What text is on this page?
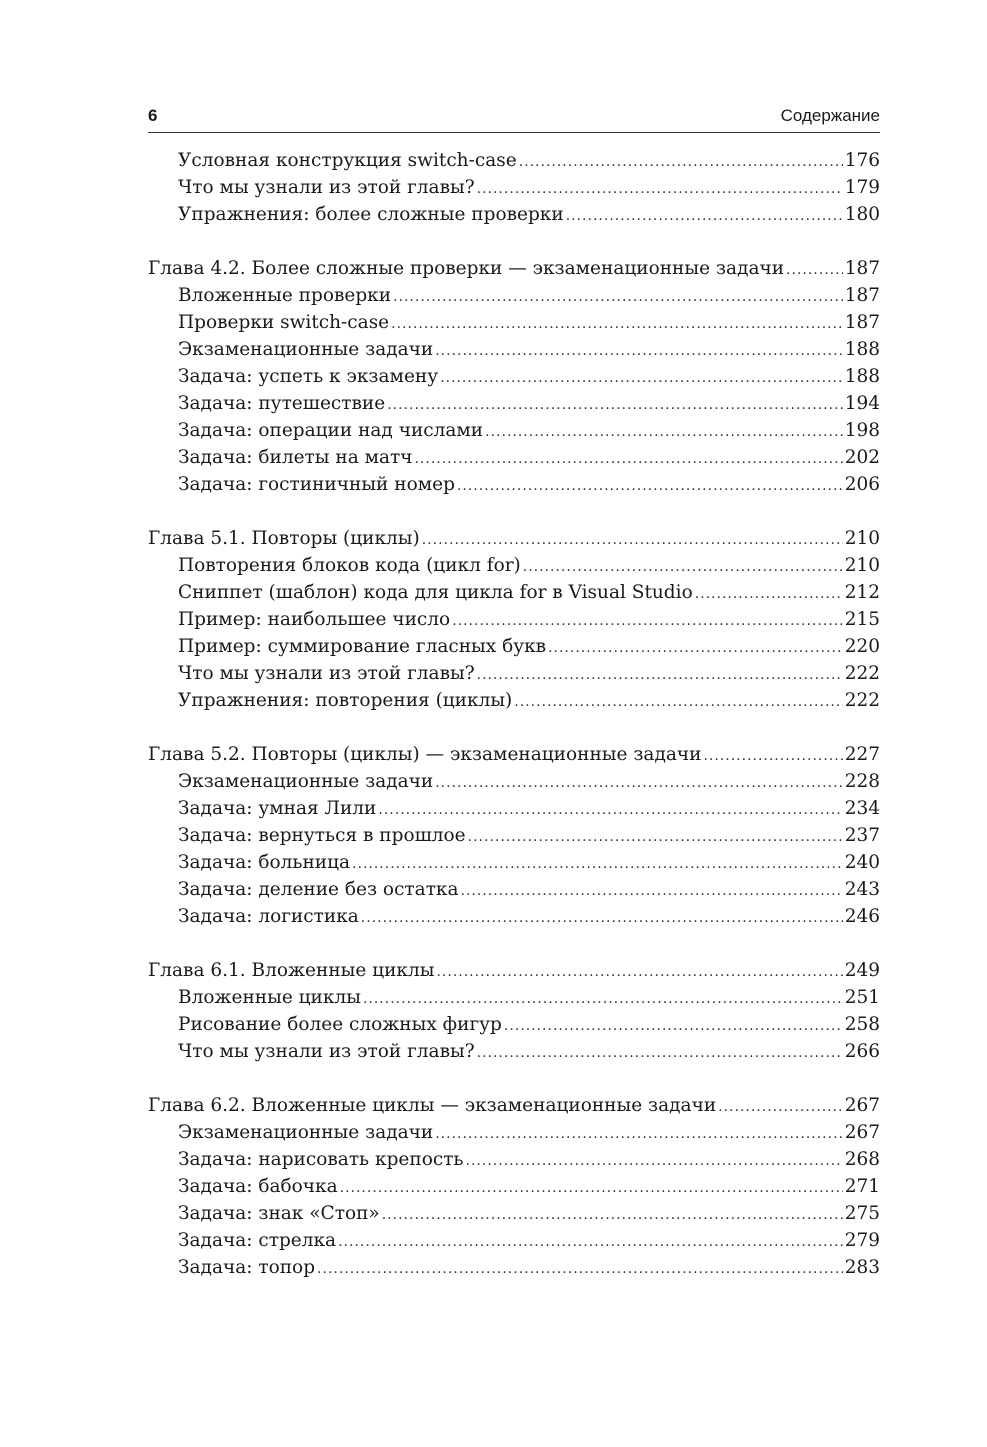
6	Содержание
Условная конструкция switch-case .....	176
Что мы узнали из этой главы? .....	179
Упражнения: более сложные проверки .....	180
Глава 4.2. Более сложные проверки — экзаменационные задачи .....	187
Вложенные проверки .....	187
Проверки switch-case .....	187
Экзаменационные задачи .....	188
Задача: успеть к экзамену .....	188
Задача: путешествие .....	194
Задача: операции над числами .....	198
Задача: билеты на матч .....	202
Задача: гостиничный номер .....	206
Глава 5.1. Повторы (циклы) .....	210
Повторения блоков кода (цикл for) .....	210
Сниппет (шаблон) кода для цикла for в Visual Studio .....	212
Пример: наибольшее число .....	215
Пример: суммирование гласных букв .....	220
Что мы узнали из этой главы? .....	222
Упражнения: повторения (циклы) .....	222
Глава 5.2. Повторы (циклы) — экзаменационные задачи .....	227
Экзаменационные задачи .....	228
Задача: умная Лили .....	234
Задача: вернуться в прошлое .....	237
Задача: больница .....	240
Задача: деление без остатка .....	243
Задача: логистика .....	246
Глава 6.1. Вложенные циклы .....	249
Вложенные циклы .....	251
Рисование более сложных фигур .....	258
Что мы узнали из этой главы? .....	266
Глава 6.2. Вложенные циклы — экзаменационные задачи .....	267
Экзаменационные задачи .....	267
Задача: нарисовать крепость .....	268
Задача: бабочка .....	271
Задача: знак «Стоп» .....	275
Задача: стрелка .....	279
Задача: топор .....	283
